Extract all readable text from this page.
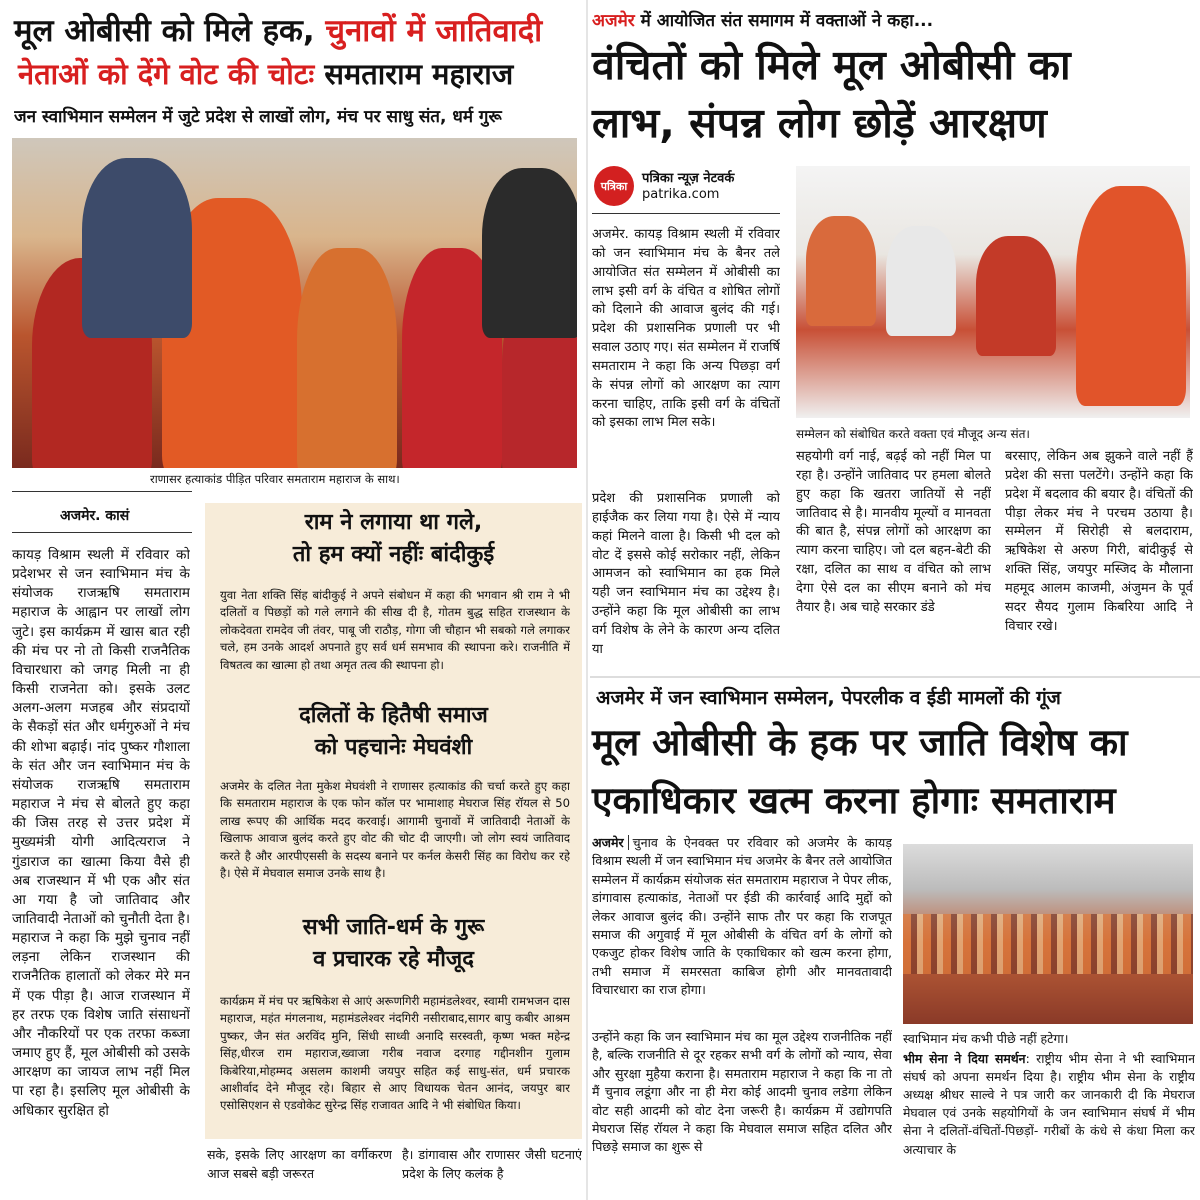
मूल ओबीसी को मिले हक, चुनावों में जातिवादी
नेताओं को देंगे वोट की चोटः समताराम महाराज
जन स्वाभिमान सम्मेलन में जुटे प्रदेश से लाखों लोग, मंच पर साधु संत, धर्म गुरू
राणासर हत्याकांड पीड़ित परिवार समताराम महाराज के साथ।
अजमेर. कासं
कायड़ विश्राम स्थली में रविवार को प्रदेशभर से जन स्वाभिमान मंच के संयोजक राजऋषि समताराम महाराज के आह्वान पर लाखों लोग जुटे। इस कार्यक्रम में खास बात रही की मंच पर नो तो किसी राजनैतिक विचारधारा को जगह मिली ना ही किसी राजनेता को। इसके उलट अलग-अलग मजहब और संप्रदायों के सैकड़ों संत और धर्मगुरुओं ने मंच की शोभा बढ़ाई। नांद पुष्कर गौशाला के संत और जन स्वाभिमान मंच के संयोजक राजऋषि समताराम महाराज ने मंच से बोलते हुए कहा की जिस तरह से उत्तर प्रदेश में मुख्यमंत्री योगी आदित्यराज ने गुंडाराज का खात्मा किया वैसे ही अब राजस्थान में भी एक और संत आ गया है जो जातिवाद और जातिवादी नेताओं को चुनौती देता है। महाराज ने कहा कि मुझे चुनाव नहीं लड़ना लेकिन राजस्थान की राजनैतिक हालातों को लेकर मेरे मन में एक पीड़ा है। आज राजस्थान में हर तरफ एक विशेष जाति संसाधनों और नौकरियों पर एक तरफा कब्जा जमाए हुए हैं, मूल ओबीसी को उसके आरक्षण का जायज लाभ नहीं मिल पा रहा है। इसलिए मूल ओबीसी के अधिकार सुरक्षित हो
राम ने लगाया था गले,
तो हम क्यों नहींः बांदीकुई
युवा नेता शक्ति सिंह बांदीकुई ने अपने संबोधन में कहा की भगवान श्री राम ने भी दलितों व पिछड़ों को गले लगाने की सीख दी है, गोतम बुद्ध सहित राजस्थान के लोकदेवता रामदेव जी तंवर, पाबू जी राठौड़, गोगा जी चौहान भी सबको गले लगाकर चले, हम उनके आदर्श अपनाते हुए सर्व धर्म समभाव की स्थापना करे। राजनीति में विषतत्व का खात्मा हो तथा अमृत तत्व की स्थापना हो।
दलितों के हितैषी समाज
को पहचानेः मेघवंशी
अजमेर के दलित नेता मुकेश मेघवंशी ने राणासर हत्याकांड की चर्चा करते हुए कहा कि समताराम महाराज के एक फोन कॉल पर भामाशाह मेघराज सिंह रॉयल से 50 लाख रूपए की आर्थिक मदद करवाई। आगामी चुनावों में जातिवादी नेताओं के खिलाफ आवाज बुलंद करते हुए वोट की चोट दी जाएगी। जो लोग स्वयं जातिवाद करते है और आरपीएससी के सदस्य बनाने पर कर्नल केसरी सिंह का विरोध कर रहे है। ऐसे में मेघवाल समाज उनके साथ है।
सभी जाति-धर्म के गुरू
व प्रचारक रहे मौजूद
कार्यक्रम में मंच पर ऋषिकेश से आएं अरूणगिरी महामंडलेश्वर, स्वामी रामभजन दास महाराज, महंत मंगलनाथ, महामंडलेश्वर नंदगिरी नसीराबाद,सागर बापु कबीर आश्रम पुष्कर, जैन संत अरविंद मुनि, सिंधी साध्वी अनादि सरस्वती, कृष्ण भक्त महेन्द्र सिंह,धीरज राम महाराज,ख्वाजा गरीब नवाज दरगाह गद्दीनशीन गुलाम किबेरिया,मोहम्मद असलम काशमी जयपुर सहित कई साधु-संत, धर्म प्रचारक आशीर्वाद देने मौजूद रहे। बिहार से आए विधायक चेतन आनंद, जयपुर बार एसोसिएशन से एडवोकेट सुरेन्द्र सिंह राजावत आदि ने भी संबोधित किया।
सके, इसके लिए आरक्षण का वर्गीकरण आज सबसे बड़ी जरूरत
है। डांगावास और राणासर जैसी घटनाएं प्रदेश के लिए कलंक है
अजमेर में आयोजित संत समागम में वक्ताओं ने कहा...
वंचितों को मिले मूल ओबीसी का
लाभ, संपन्न लोग छोड़ें आरक्षण
पत्रिका	पत्रिका न्यूज़ नेटवर्क
patrika.com
अजमेर. कायड़ विश्राम स्थली में रविवार को जन स्वाभिमान मंच के बैनर तले आयोजित संत सम्मेलन में ओबीसी का लाभ इसी वर्ग के वंचित व शोषित लोगों को दिलाने की आवाज बुलंद की गई। प्रदेश की प्रशासनिक प्रणाली पर भी सवाल उठाए गए। संत सम्मेलन में राजर्षि समताराम ने कहा कि अन्य पिछड़ा वर्ग के संपन्न लोगों को आरक्षण का त्याग करना चाहिए, ताकि इसी वर्ग के वंचितों को इसका लाभ मिल सके।
सम्मेलन को संबोधित करते वक्ता एवं मौजूद अन्य संत।
प्रदेश की प्रशासनिक प्रणाली को हाईजैक कर लिया गया है। ऐसे में न्याय कहां मिलने वाला है। किसी भी दल को वोट दें इससे कोई सरोकार नहीं, लेकिन आमजन को स्वाभिमान का हक मिले यही जन स्वाभिमान मंच का उद्देश्य है। उन्होंने कहा कि मूल ओबीसी का लाभ वर्ग विशेष के लेने के कारण अन्य दलित या
सहयोगी वर्ग नाई, बढ़ई को नहीं मिल पा रहा है। उन्होंने जातिवाद पर हमला बोलते हुए कहा कि खतरा जातियों से नहीं जातिवाद से है। मानवीय मूल्यों व मानवता की बात है, संपन्न लोगों को आरक्षण का त्याग करना चाहिए। जो दल बहन-बेटी की रक्षा, दलित का साथ व वंचित को लाभ देगा ऐसे दल का सीएम बनाने को मंच तैयार है। अब चाहे सरकार डंडे
बरसाए, लेकिन अब झुकने वाले नहीं हैं प्रदेश की सत्ता पलटेंगे। उन्होंने कहा कि प्रदेश में बदलाव की बयार है। वंचितों की पीड़ा लेकर मंच ने परचम उठाया है। सम्मेलन में सिरोही से बलदाराम, ऋषिकेश से अरुण गिरी, बांदीकुई से शक्ति सिंह, जयपुर मस्जिद के मौलाना महमूद आलम काजमी, अंजुमन के पूर्व सदर सैयद गुलाम किबरिया आदि ने विचार रखे।
अजमेर में जन स्वाभिमान सम्मेलन, पेपरलीक व ईडी मामलों की गूंज
मूल ओबीसी के हक पर जाति विशेष का
एकाधिकार खत्म करना होगाः समताराम
अजमेर चुनाव के ऐनवक्त पर रविवार को अजमेर के कायड़ विश्राम स्थली में जन स्वाभिमान मंच अजमेर के बैनर तले आयोजित सम्मेलन में कार्यक्रम संयोजक संत समताराम महाराज ने पेपर लीक, डांगावास हत्याकांड, नेताओं पर ईडी की कार्रवाई आदि मुद्दों को लेकर आवाज बुलंद की। उन्होंने साफ तौर पर कहा कि राजपूत समाज की अगुवाई में मूल ओबीसी के वंचित वर्ग के लोगों को एकजुट होकर विशेष जाति के एकाधिकार को खत्म करना होगा, तभी समाज में समरसता काबिज होगी और मानवतावादी विचारधारा का राज होगा।
उन्होंने कहा कि जन स्वाभिमान मंच का मूल उद्देश्य राजनीतिक नहीं है, बल्कि राजनीति से दूर रहकर सभी वर्ग के लोगों को न्याय, सेवा और सुरक्षा मुहैया कराना है। समताराम महाराज ने कहा कि ना तो मैं चुनाव लडूंगा और ना ही मेरा कोई आदमी चुनाव लडेगा लेकिन वोट सही आदमी को वोट देना जरूरी है। कार्यक्रम में उद्योगपति मेघराज सिंह रॉयल ने कहा कि मेघवाल समाज सहित दलित और पिछड़े समाज का शुरू से
स्वाभिमान मंच कभी पीछे नहीं हटेगा।
भीम सेना ने दिया समर्थन: राष्ट्रीय भीम सेना ने भी स्वाभिमान संघर्ष को अपना समर्थन दिया है। राष्ट्रीय भीम सेना के राष्ट्रीय अध्यक्ष श्रीधर साल्वे ने पत्र जारी कर जानकारी दी कि मेघराज मेघवाल एवं उनके सहयोगियों के जन स्वाभिमान संघर्ष में भीम सेना ने दलितों-वंचितों-पिछड़ों- गरीबों के कंधे से कंधा मिला कर अत्याचार के
